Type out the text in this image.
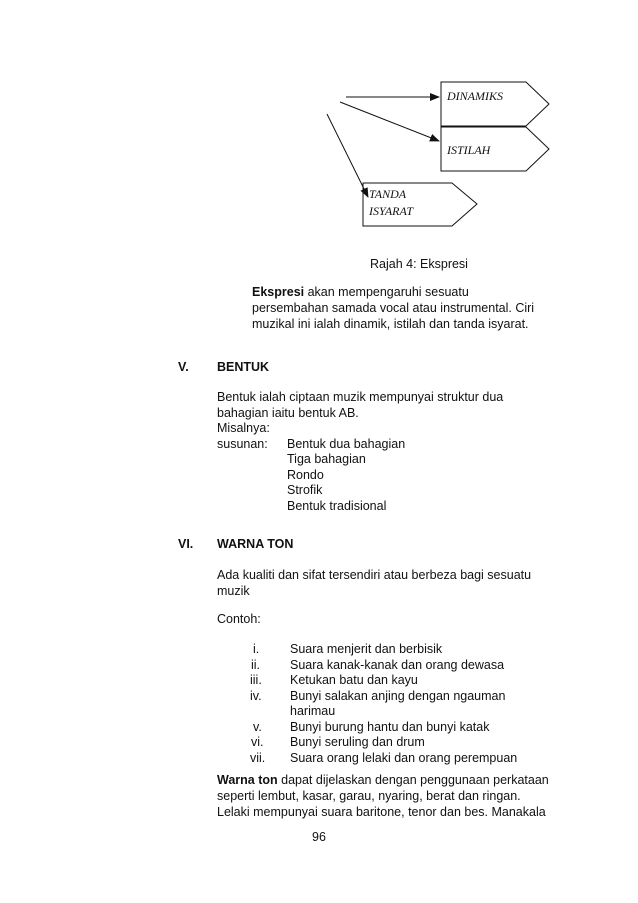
DINAMIKS
ISTILAH
TANDA
ISYARAT
Rajah 4: Ekspresi
Ekspresi akan mempengaruhi sesuatu
persembahan samada vocal atau instrumental. Ciri
muzikal ini ialah dinamik, istilah dan tanda isyarat.
V. BENTUK
Bentuk ialah ciptaan muzik mempunyai struktur dua
bahagian iaitu bentuk AB.
Misalnya:
susunan: Bentuk dua bahagian
Tiga bahagian
Rondo
Strofik
Bentuk tradisional
VI. WARNA TON
Ada kualiti dan sifat tersendiri atau berbeza bagi sesuatu
muzik
Contoh:
i. Suara menjerit dan berbisik
ii. Suara kanak-kanak dan orang dewasa
iii. Ketukan batu dan kayu
iv. Bunyi salakan anjing dengan ngauman
harimau
v. Bunyi burung hantu dan bunyi katak
vi. Bunyi seruling dan drum
vii. Suara orang lelaki dan orang perempuan
Warna ton dapat dijelaskan dengan penggunaan perkataan
seperti lembut, kasar, garau, nyaring, berat dan ringan.
Lelaki mempunyai suara baritone, tenor dan bes. Manakala
96
